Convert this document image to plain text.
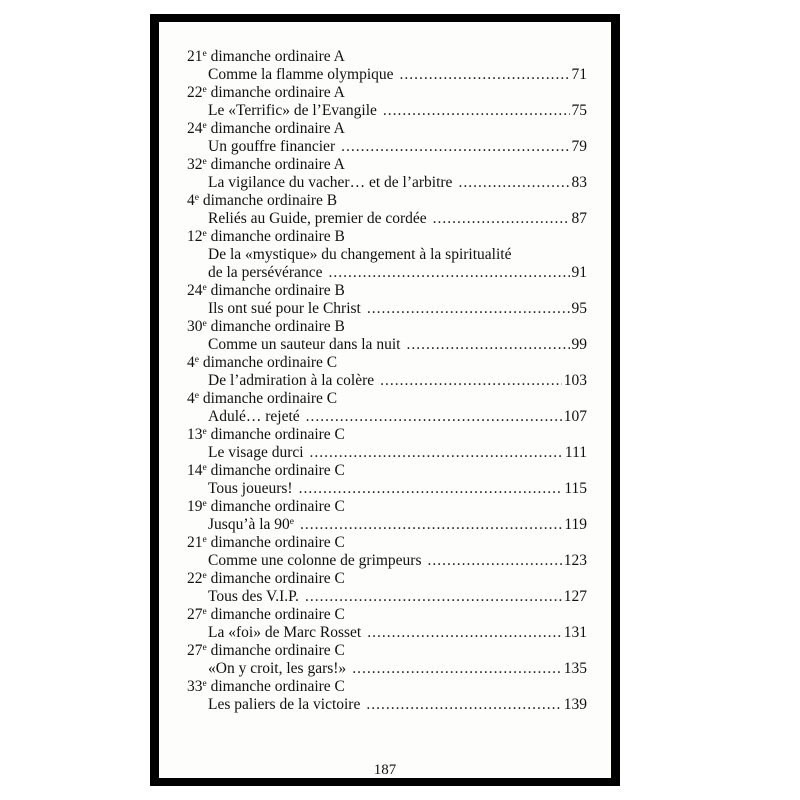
21e dimanche ordinaire A
Comme la flamme olympique .....	71
22e dimanche ordinaire A
Le «Terrific» de l’Evangile .....	75
24e dimanche ordinaire A
Un gouffre financier .....	79
32e dimanche ordinaire A
La vigilance du vacher… et de l’arbitre .....	83
4e dimanche ordinaire B
Reliés au Guide, premier de cordée .....	87
12e dimanche ordinaire B
De la «mystique» du changement à la spiritualité
de la persévérance .....	91
24e dimanche ordinaire B
Ils ont sué pour le Christ .....	95
30e dimanche ordinaire B
Comme un sauteur dans la nuit .....	99
4e dimanche ordinaire C
De l’admiration à la colère .....	103
4e dimanche ordinaire C
Adulé… rejeté .....	107
13e dimanche ordinaire C
Le visage durci .....	111
14e dimanche ordinaire C
Tous joueurs! .....	115
19e dimanche ordinaire C
Jusqu’à la 90e .....	119
21e dimanche ordinaire C
Comme une colonne de grimpeurs .....	123
22e dimanche ordinaire C
Tous des V.I.P. .....	127
27e dimanche ordinaire C
La «foi» de Marc Rosset .....	131
27e dimanche ordinaire C
«On y croit, les gars!» .....	135
33e dimanche ordinaire C
Les paliers de la victoire .....	139
187
